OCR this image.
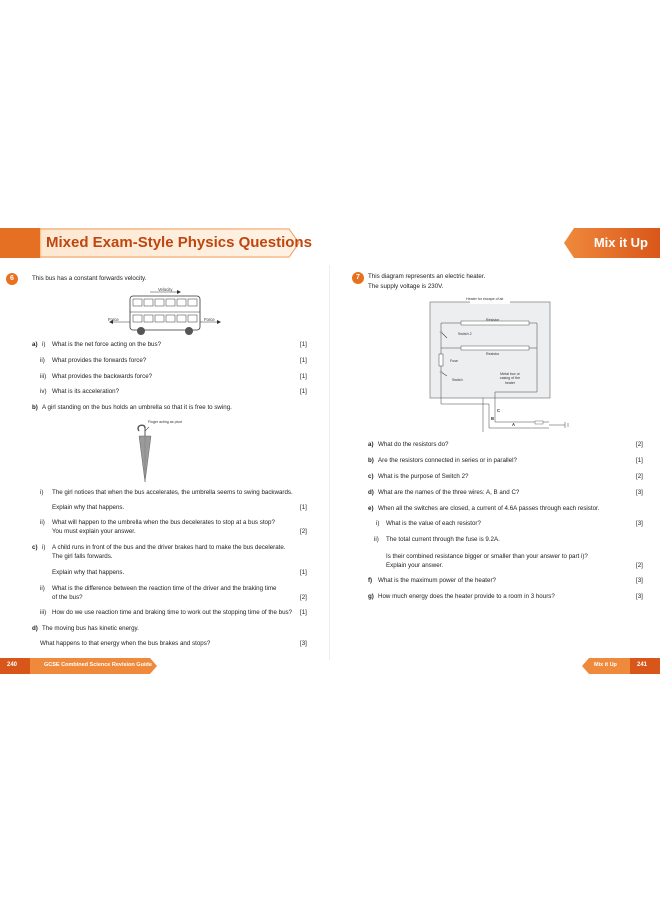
Mixed Exam-Style Physics Questions	Mix it Up
6	This bus has a constant forwards velocity.
Velocity
Force	Force
a) i) What is the net force acting on the bus?	[1]
ii) What provides the forwards force?	[1]
iii) What provides the backwards force?	[1]
iv) What is its acceleration?	[1]
b) A girl standing on the bus holds an umbrella so that it is free to swing.
Finger acting as pivot
i) The girl notices that when the bus accelerates, the umbrella seems to swing backwards.
Explain why that happens.	[1]
ii) What will happen to the umbrella when the bus decelerates to stop at a bus stop?
You must explain your answer.	[2]
c) i) A child runs in front of the bus and the driver brakes hard to make the bus decelerate.
The girl falls forwards.
Explain why that happens.	[1]
ii) What is the difference between the reaction time of the driver and the braking time
of the bus?	[2]
iii) How do we use reaction time and braking time to work out the stopping time of the bus? [1]
d) The moving bus has kinetic energy.
What happens to that energy when the bus brakes and stops?	[3]
7	This diagram represents an electric heater.
The supply voltage is 230V.
Heater for escape of air
Resistor
Switch 2
Resistor
Fuse
Switch
Metal box or casing of the heater
C
B
A
a) What do the resistors do?	[2]
b) Are the resistors connected in series or in parallel?	[1]
c) What is the purpose of Switch 2?	[2]
d) What are the names of the three wires: A, B and C?	[3]
e) When all the switches are closed, a current of 4.6A passes through each resistor.
i) What is the value of each resistor?	[3]
ii) The total current through the fuse is 9.2A.
Is their combined resistance bigger or smaller than your answer to part i)?
Explain your answer.	[2]
f) What is the maximum power of the heater?	[3]
g) How much energy does the heater provide to a room in 3 hours?	[3]
240	GCSE Combined Science Revision Guide	Mix it Up	241
